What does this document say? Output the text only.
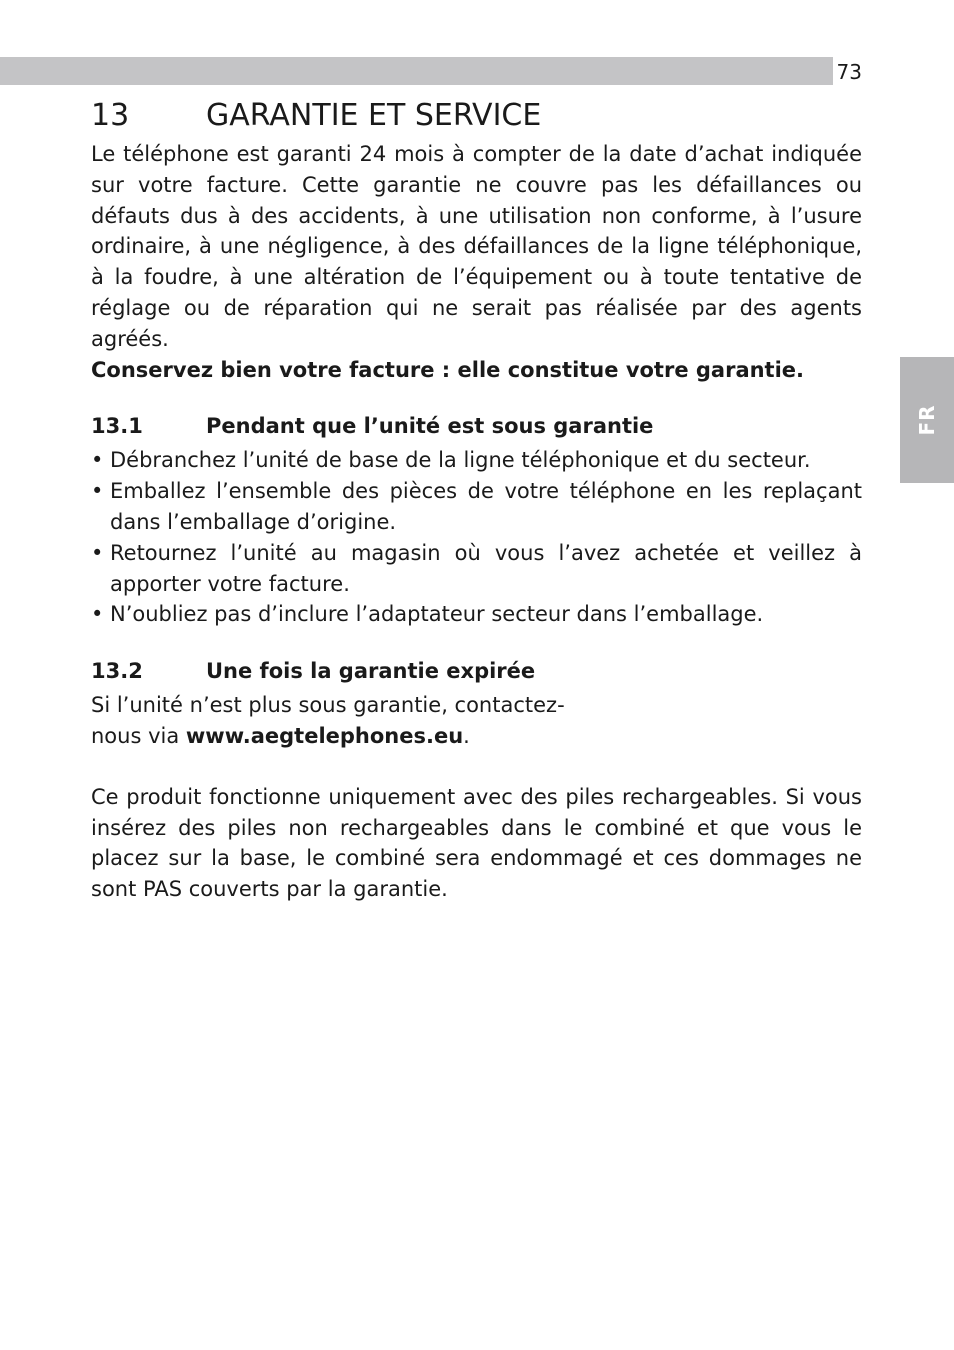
73
FR
13	GARANTIE ET SERVICE

Le téléphone est garanti 24 mois à compter de la date d’achat indiquée sur votre facture. Cette garantie ne couvre pas les défaillances ou défauts dus à des accidents, à une utilisation non conforme, à l’usure ordinaire, à une négligence, à des défaillances de la ligne téléphonique, à la foudre, à une altération de l’équipement ou à toute tentative de réglage ou de réparation qui ne serait pas réalisée par des agents agréés.

Conservez bien votre facture : elle constitue votre garantie.

13.1	Pendant que l’unité est sous garantie
• Débranchez l’unité de base de la ligne téléphonique et du secteur.
• Emballez l’ensemble des pièces de votre téléphone en les replaçant dans l’emballage d’origine.
• Retournez l’unité au magasin où vous l’avez achetée et veillez à apporter votre facture.
• N’oubliez pas d’inclure l’adaptateur secteur dans l’emballage.
13.2	Une fois la garantie expirée

Si l’unité n’est plus sous garantie, contactez-
nous via www.aegtelephones.eu.

Ce produit fonctionne uniquement avec des piles rechargeables. Si vous insérez des piles non rechargeables dans le combiné et que vous le placez sur la base, le combiné sera endommagé et ces dommages ne sont PAS couverts par la garantie.
